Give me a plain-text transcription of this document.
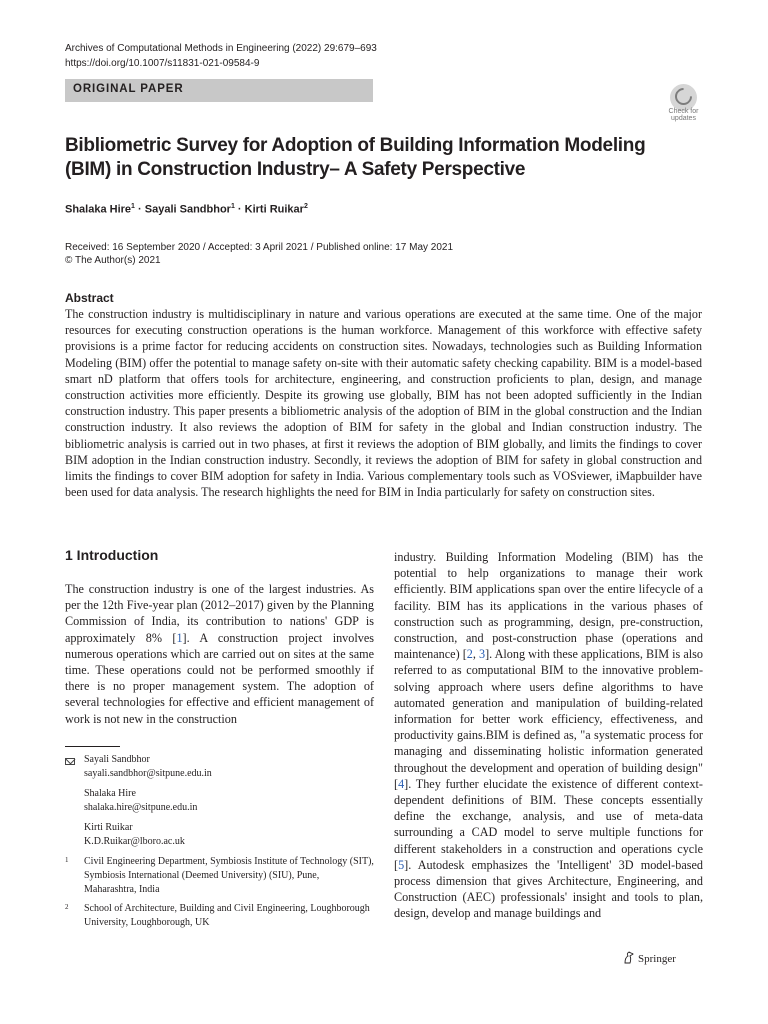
Archives of Computational Methods in Engineering (2022) 29:679–693
https://doi.org/10.1007/s11831-021-09584-9
ORIGINAL PAPER
Check for updates
Bibliometric Survey for Adoption of Building Information Modeling (BIM) in Construction Industry– A Safety Perspective
Shalaka Hire$^1$ · Sayali Sandbhor$^1$ · Kirti Ruikar$^2$
Received: 16 September 2020 / Accepted: 3 April 2021 / Published online: 17 May 2021
© The Author(s) 2021
Abstract

The construction industry is multidisciplinary in nature and various operations are executed at the same time. One of the major resources for executing construction operations is the human workforce. Management of this workforce with effective safety provisions is a prime factor for reducing accidents on construction sites. Nowadays, technologies such as Building Information Modeling (BIM) offer the potential to manage safety on-site with their automatic safety checking capability. BIM is a model-based smart nD platform that offers tools for architecture, engineering, and construction proficients to plan, design, and manage construction activities more efficiently. Despite its growing use globally, BIM has not been adopted sufficiently in the Indian construction industry. This paper presents a bibliometric analysis of the adoption of BIM in the global construction and the Indian construction industry. It also reviews the adoption of BIM for safety in the global and Indian construction industry. The bibliometric analysis is carried out in two phases, at first it reviews the adoption of BIM globally, and limits the findings to cover BIM adoption in the Indian construction industry. Secondly, it reviews the adoption of BIM for safety in global construction and limits the findings to cover BIM adoption for safety in India. Various complementary tools such as VOSviewer, iMapbuilder have been used for data analysis. The research highlights the need for BIM in India particularly for safety on construction sites.

1 Introduction

The construction industry is one of the largest industries. As per the 12th Five-year plan (2012–2017) given by the Planning Commission of India, its contribution to nations' GDP is approximately 8% [1]. A construction project involves numerous operations which are carried out on sites at the same time. These operations could not be performed smoothly if there is no proper management system. The adoption of several technologies for effective and efficient management of work is not new in the construction

industry. Building Information Modeling (BIM) has the potential to help organizations to manage their work efficiently. BIM applications span over the entire lifecycle of a facility. BIM has its applications in the various phases of construction such as programming, design, pre-construction, construction, and post-construction phase (operations and maintenance) [2, 3]. Along with these applications, BIM is also referred to as computational BIM to the innovative problem-solving approach where users define algorithms to have automated generation and manipulation of building-related information for better work efficiency, effectiveness, and productivity gains.BIM is defined as, "a systematic process for managing and disseminating holistic information generated throughout the development and operation of building design" [4]. They further elucidate the existence of different context-dependent definitions of BIM. These concepts essentially define the exchange, analysis, and use of meta-data surrounding a CAD model to serve multiple functions for different stakeholders in a construction and operations cycle [5]. Autodesk emphasizes the 'Intelligent' 3D model-based process dimension that gives Architecture, Engineering, and Construction (AEC) professionals' insight and tools to plan, design, develop and manage buildings and

Sayali Sandbhor
sayali.sandbhor@sitpune.edu.in
Shalaka Hire
shalaka.hire@sitpune.edu.in
Kirti Ruikar
K.D.Ruikar@lboro.ac.uk
1 Civil Engineering Department, Symbiosis Institute of Technology (SIT), Symbiosis International (Deemed University) (SIU), Pune, Maharashtra, India
2 School of Architecture, Building and Civil Engineering, Loughborough University, Loughborough, UK
Springer
